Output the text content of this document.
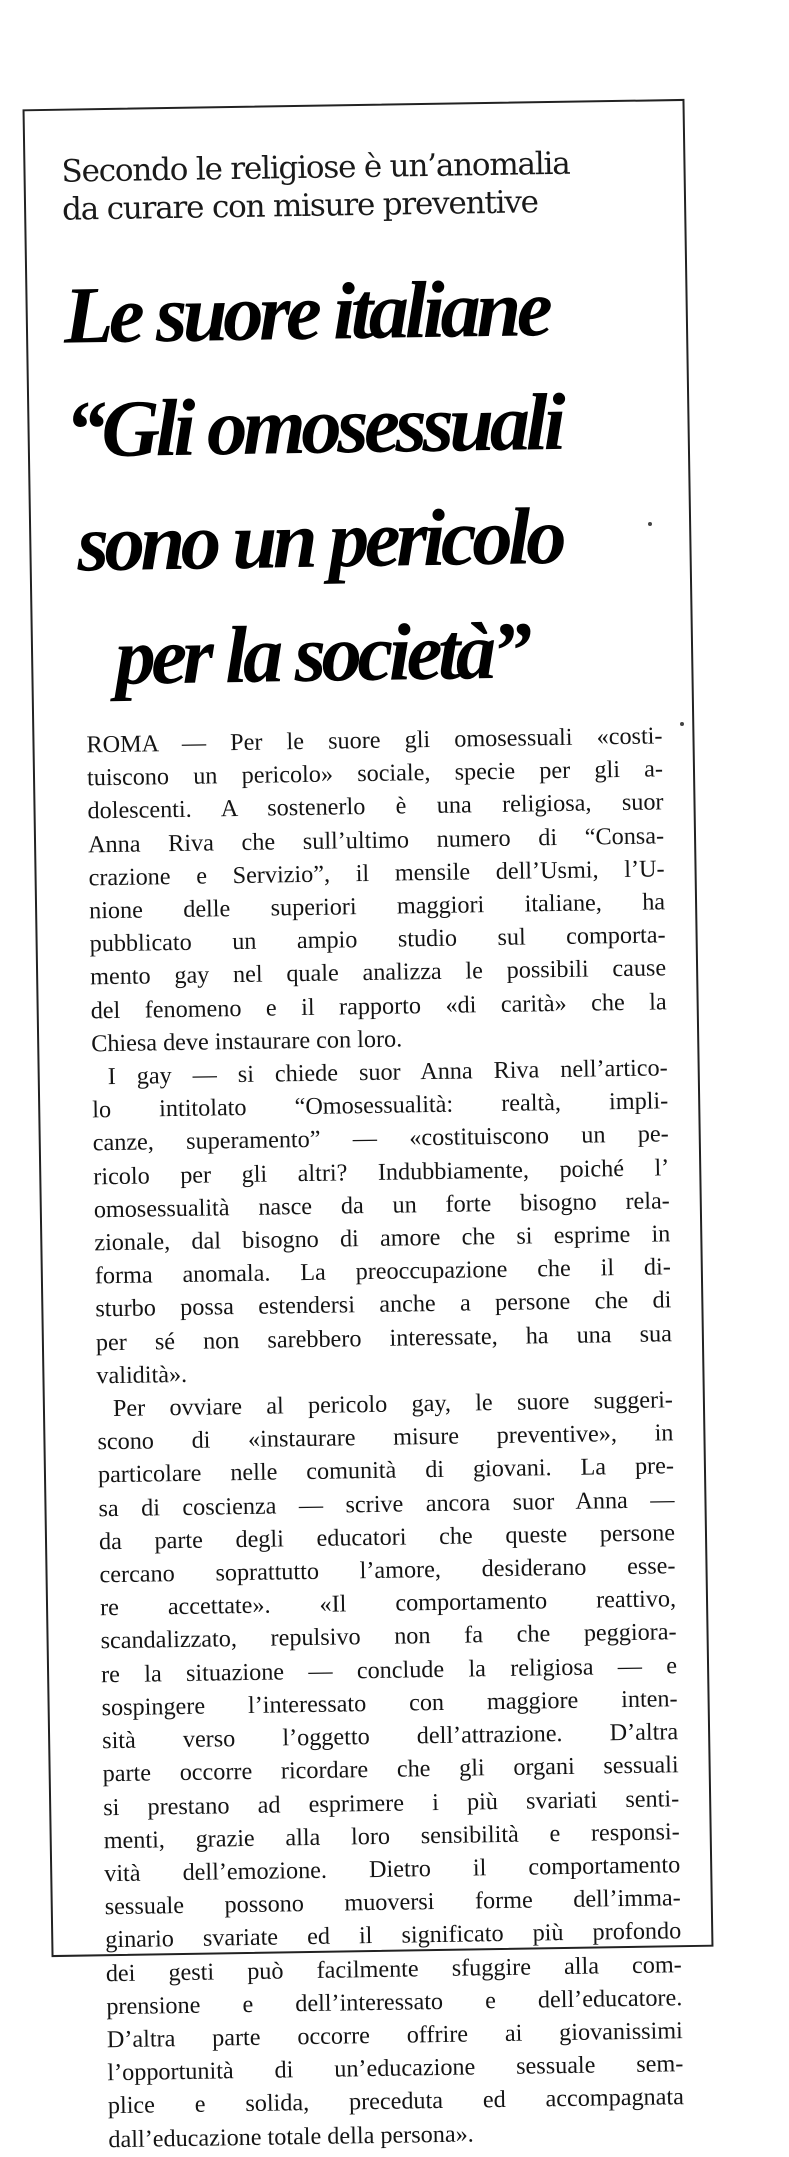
Secondo le religiose è un’anomalia
da curare con misure preventive
Le suore italiane
“Gli omosessuali
sono un pericolo
per la società”
ROMA — Per le suore gli omosessuali «costi-
tuiscono un pericolo» sociale, specie per gli a-
dolescenti. A sostenerlo è una religiosa, suor
Anna Riva che sull’ultimo numero di “Consa-
crazione e Servizio”, il mensile dell’Usmi, l’U-
nione delle superiori maggiori italiane, ha
pubblicato un ampio studio sul comporta-
mento gay nel quale analizza le possibili cause
del fenomeno e il rapporto «di carità» che la
Chiesa deve instaurare con loro.
I gay — si chiede suor Anna Riva nell’artico-
lo intitolato “Omosessualità: realtà, impli-
canze, superamento” — «costituiscono un pe-
ricolo per gli altri? Indubbiamente, poiché l’
omosessualità nasce da un forte bisogno rela-
zionale, dal bisogno di amore che si esprime in
forma anomala. La preoccupazione che il di-
sturbo possa estendersi anche a persone che di
per sé non sarebbero interessate, ha una sua
validità».
Per ovviare al pericolo gay, le suore suggeri-
scono di «instaurare misure preventive», in
particolare nelle comunità di giovani. La pre-
sa di coscienza — scrive ancora suor Anna —
da parte degli educatori che queste persone
cercano soprattutto l’amore, desiderano esse-
re accettate». «Il comportamento reattivo,
scandalizzato, repulsivo non fa che peggiora-
re la situazione — conclude la religiosa — e
sospingere l’interessato con maggiore inten-
sità verso l’oggetto dell’attrazione. D’altra
parte occorre ricordare che gli organi sessuali
si prestano ad esprimere i più svariati senti-
menti, grazie alla loro sensibilità e responsi-
vità dell’emozione. Dietro il comportamento
sessuale possono muoversi forme dell’imma-
ginario svariate ed il significato più profondo
dei gesti può facilmente sfuggire alla com-
prensione e dell’interessato e dell’educatore.
D’altra parte occorre offrire ai giovanissimi
l’opportunità di un’educazione sessuale sem-
plice e solida, preceduta ed accompagnata
dall’educazione totale della persona».
